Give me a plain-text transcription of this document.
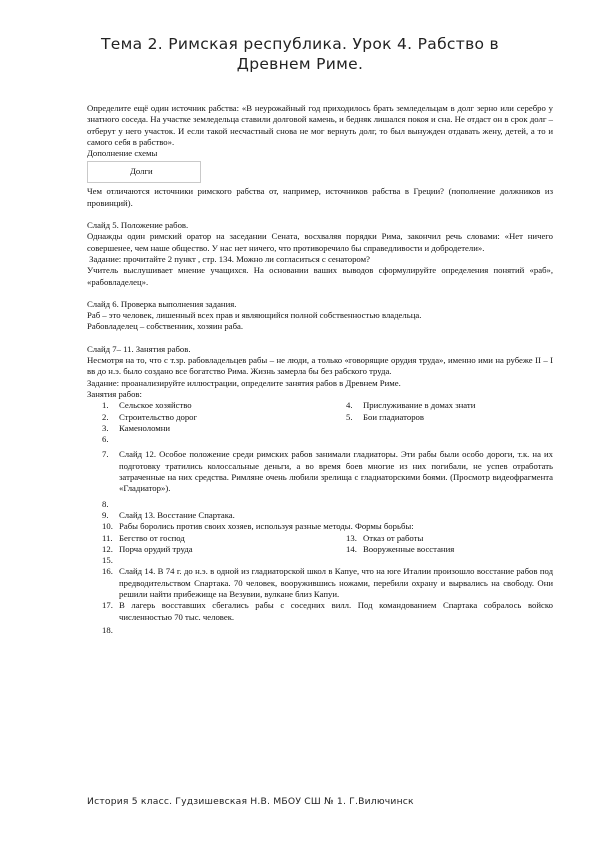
Тема 2. Римская республика. Урок 4. Рабство в
Древнем Риме.

Определите ещё один источник рабства: «В неурожайный год приходилось брать земледельцам в долг зерно или серебро у знатного соседа. На участке земледельца ставили долговой камень, и бедняк лишался покоя и сна. Не отдаст он в срок долг – отберут у него участок. И если такой несчастный снова не мог вернуть долг, то был вынужден отдавать жену, детей, а то и самого себя в рабство».

Дополнение схемы

Долги

Чем отличаются источники римского рабства от, например, источников рабства в Греции? (пополнение должников из провинций).

Слайд 5. Положение рабов.

Однажды один римский оратор на заседании Сената, восхваляя порядки Рима, закончил речь словами: «Нет ничего совершенее, чем наше общество. У нас нет ничего, что противоречило бы справедливости и добродетели».

Задание: прочитайте 2 пункт , стр. 134. Можно ли согласиться с сенатором?

Учитель выслушивает мнение учащихся. На основании ваших выводов сформулируйте определения понятий «раб», «рабовладелец».

Слайд 6. Проверка выполнения задания.

Раб – это человек, лишенный всех прав и являющийся полной собственностью владельца.

Рабовладелец – собственник, хозяин раба.

Слайд 7– 11. Занятия рабов.

Несмотря на то, что с т.зр. рабовладельцев рабы – не люди, а только «говорящие орудия труда», именно ими на рубеже II – I вв до н.э. было создано все богатство Рима. Жизнь замерла бы без рабского труда.

Задание: проанализируйте иллюстрации, определите занятия рабов в Древнем Риме.

Занятия рабов:

1.	Сельское хозяйство	4.	Прислуживание в домах знати
2.	Строительство дорог	5.	Бои гладиаторов
3.	Каменоломни
6.
7.	Слайд 12. Особое положение среди римских рабов занимали гладиаторы. Эти рабы были особо дороги, т.к. на их подготовку тратились колоссальные деньги, а во время боев многие из них погибали, не успев отработать затраченные на них средства. Римляне очень любили зрелища с гладиаторскими боями. (Просмотр видеофрагмента «Гладиатор»).
8.
9.	Слайд 13. Восстание Спартака.
10. Рабы боролись против своих хозяев, используя разные методы. Формы борьбы:
11. Бегство от господ	13. Отказ от работы
12. Порча орудий труда	14. Вооруженные восстания
15.
16. Слайд 14. В 74 г. до н.э. в одной из гладиаторской школ в Капуе, что на юге Италии произошло восстание рабов под предводительством Спартака. 70 человек, вооружившись ножами, перебили охрану и вырвались на свободу. Они решили найти прибежище на Везувии, вулкане близ Капуи.
17. В лагерь восставших сбегались рабы с соседних вилл. Под командованием Спартака собралось войско численностью 70 тыс. человек.
18.
История 5 класс. Гудзишевская Н.В. МБОУ СШ № 1. Г.Вилючинск
